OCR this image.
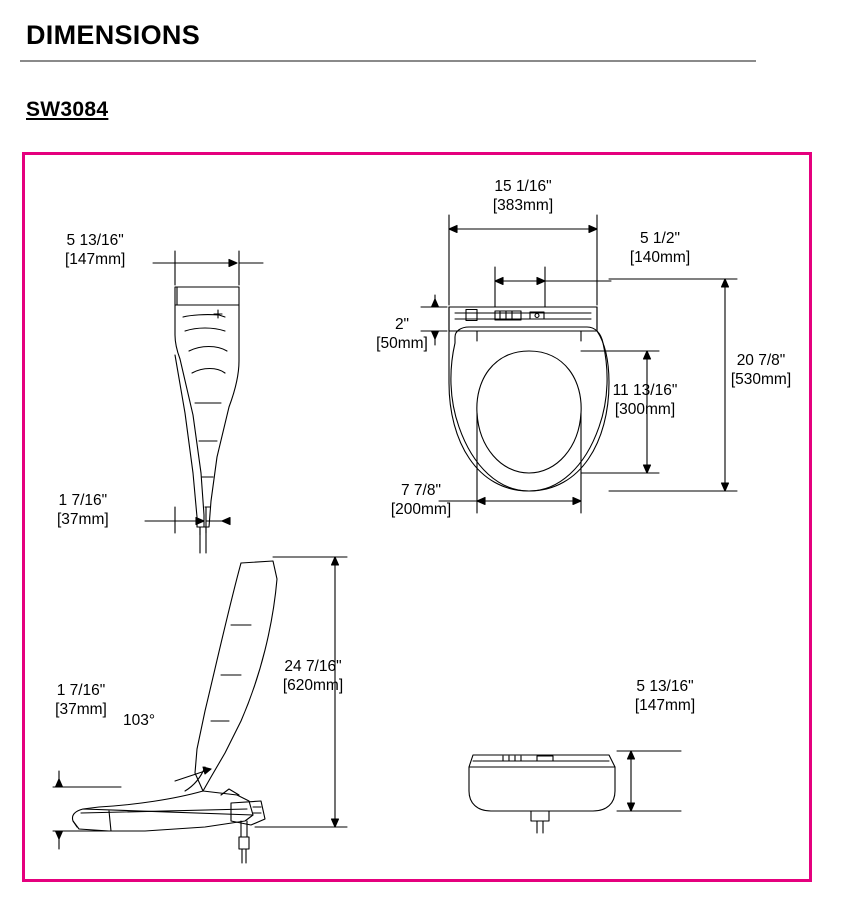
DIMENSIONS
SW3084
5 13/16"
[147mm]
1 7/16"
[37mm]
15 1/16"
[383mm]
5 1/2"
[140mm]
2"
[50mm]
20 7/8"
[530mm]
11 13/16"
[300mm]
7 7/8"
[200mm]
24 7/16"
[620mm]
1 7/16"
[37mm]
103°
5 13/16"
[147mm]
